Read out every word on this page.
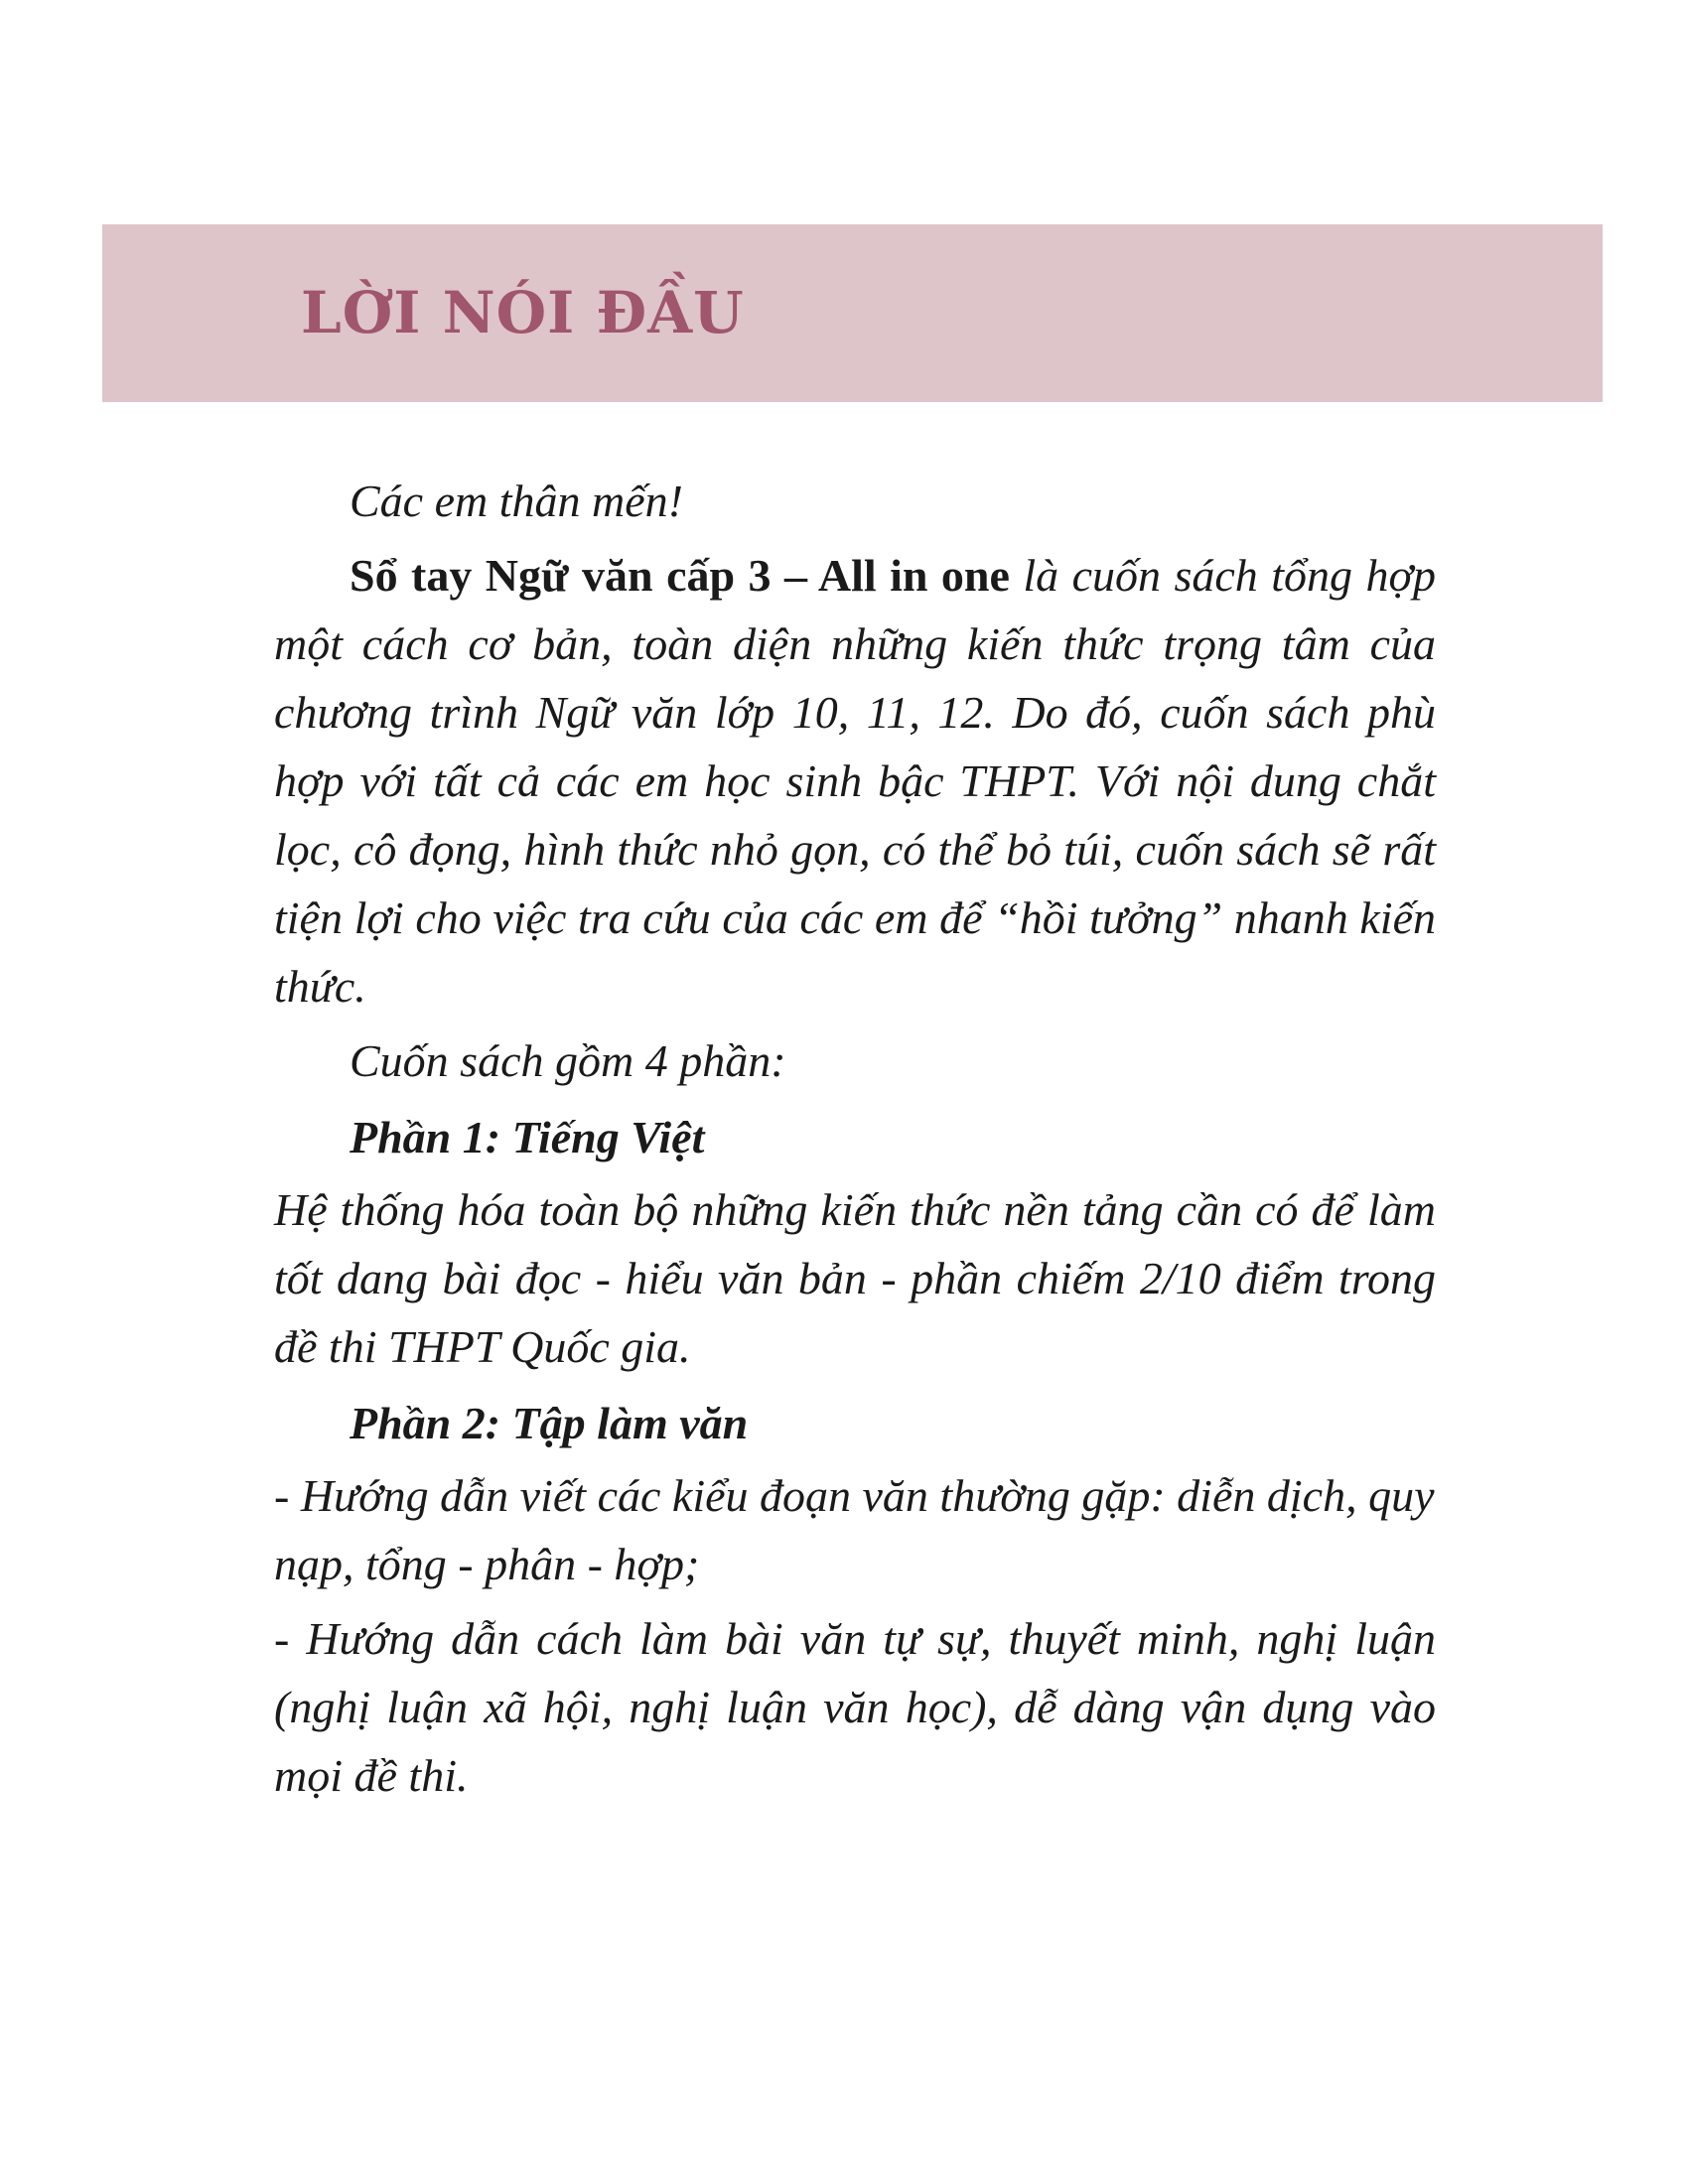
LỜI NÓI ĐẦU

Các em thân mến!

Sổ tay Ngữ văn cấp 3 – All in one là cuốn sách tổng hợp một cách cơ bản, toàn diện những kiến thức trọng tâm của chương trình Ngữ văn lớp 10, 11, 12. Do đó, cuốn sách phù hợp với tất cả các em học sinh bậc THPT. Với nội dung chắt lọc, cô đọng, hình thức nhỏ gọn, có thể bỏ túi, cuốn sách sẽ rất tiện lợi cho việc tra cứu của các em để “hồi tưởng” nhanh kiến thức.

Cuốn sách gồm 4 phần:

Phần 1: Tiếng Việt

Hệ thống hóa toàn bộ những kiến thức nền tảng cần có để làm tốt dang bài đọc - hiểu văn bản - phần chiếm 2/10 điểm trong đề thi THPT Quốc gia.

Phần 2: Tập làm văn

- Hướng dẫn viết các kiểu đoạn văn thường gặp: diễn dịch, quy nạp, tổng - phân - hợp;

- Hướng dẫn cách làm bài văn tự sự, thuyết minh, nghị luận (nghị luận xã hội, nghị luận văn học), dễ dàng vận dụng vào mọi đề thi.
